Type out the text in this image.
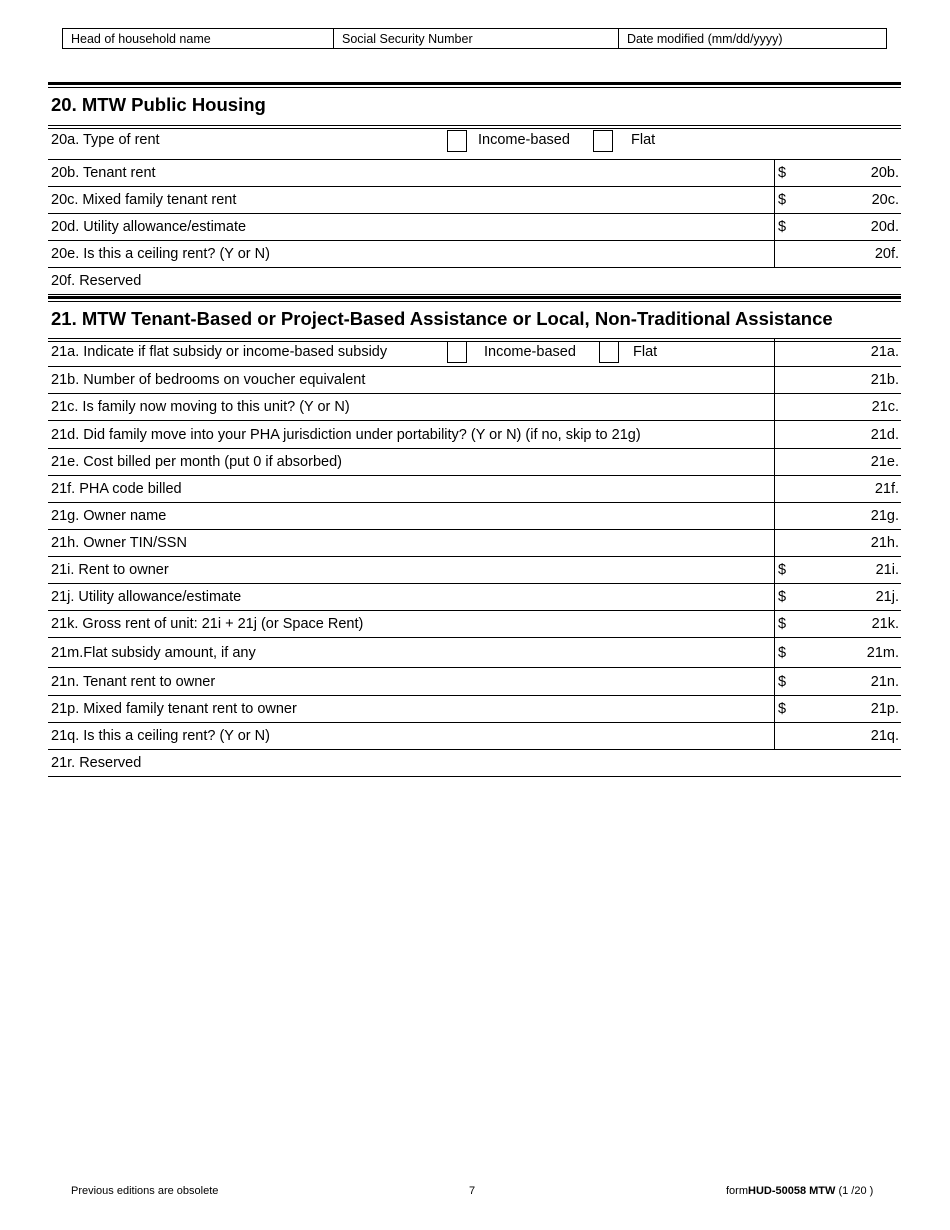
Head of household name	Social Security Number	Date modified (mm/dd/yyyy)
20. MTW Public Housing
20a. Type of rent	Income-based	Flat
20b. Tenant rent	$	20b.
20c. Mixed family tenant rent	$	20c.
20d. Utility allowance/estimate	$	20d.
20e. Is this a ceiling rent? (Y or N)	20f.
20f. Reserved
21. MTW Tenant-Based or Project-Based Assistance or Local, Non-Traditional Assistance
21a. Indicate if flat subsidy or income-based subsidy	Income-based	Flat	21a.
21b. Number of bedrooms on voucher equivalent	21b.
21c. Is family now moving to this unit? (Y or N)	21c.
21d. Did family move into your PHA jurisdiction under portability? (Y or N) (if no, skip to 21g)	21d.
21e. Cost billed per month (put 0 if absorbed)	21e.
21f. PHA code billed	21f.
21g. Owner name	21g.
21h. Owner TIN/SSN	21h.
21i. Rent to owner	$	21i.
21j. Utility allowance/estimate	$	21j.
21k. Gross rent of unit: 21i + 21j (or Space Rent)	$	21k.
21m.Flat subsidy amount, if any	$	21m.
21n. Tenant rent to owner	$	21n.
21p. Mixed family tenant rent to owner	$	21p.
21q. Is this a ceiling rent? (Y or N)	21q.
21r. Reserved
Previous editions are obsolete	7	formHUD-50058 MTW (1 /20 )
